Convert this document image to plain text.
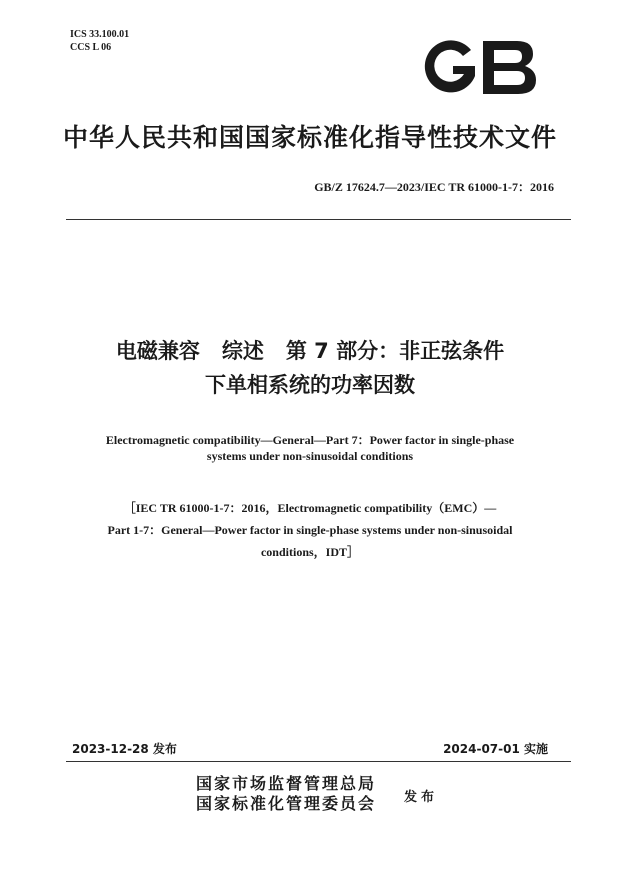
ICS 33.100.01
CCS L 06
中华人民共和国国家标准化指导性技术文件
GB/Z 17624.7—2023/IEC TR 61000-1-7：2016
电磁兼容 综述 第 7 部分：非正弦条件
下单相系统的功率因数
Electromagnetic compatibility—General—Part 7：Power factor in single-phase
systems under non-sinusoidal conditions
［IEC TR 61000-1-7：2016，Electromagnetic compatibility（EMC）—
Part 1-7：General—Power factor in single-phase systems under non-sinusoidal
conditions，IDT］
2023-12-28 发布	2024-07-01 实施
国家市场监督管理总局
国家标准化管理委员会 发布
